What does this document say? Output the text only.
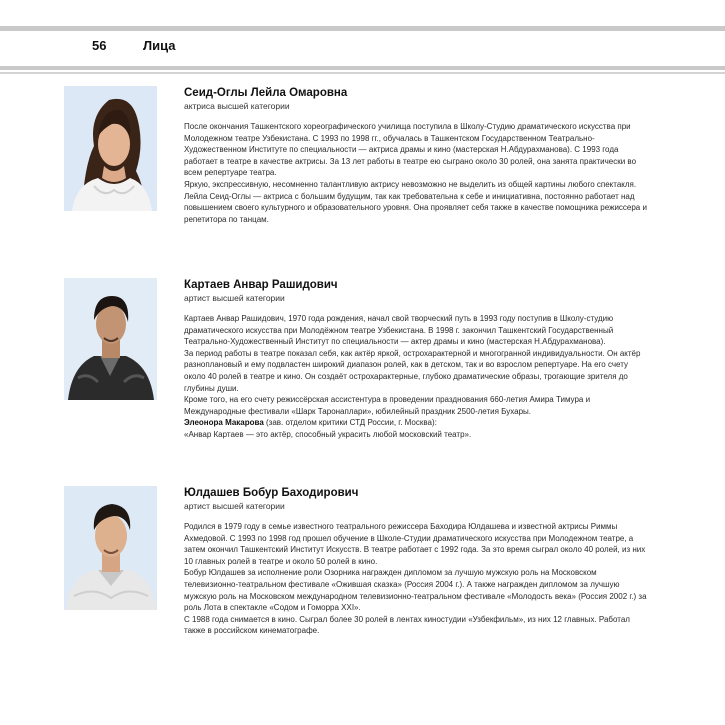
56	Лица

Сеид-Оглы Лейла Омаровна

актриса высшей категории

После окончания Ташкентского хореографического училища поступила в Школу-Студию драматического искусства при Молодежном театре Узбекистана. С 1993 по 1998 гг., обучалась в Ташкентском Государственном Театрально-Художественном Институте по специальности — актриса драмы и кино (мастерская Н.Абдурахманова). С 1993 года работает в театре в качестве актрисы. За 13 лет работы в театре ею сыграно около 30 ролей, она занята практически во всем репертуаре театра.

Яркую, экспрессивную, несомненно талантливую актрису невозможно не выделить из общей картины любого спектакля.

Лейла Сеид-Оглы — актриса с большим будущим, так как требовательна к себе и инициативна, постоянно работает над повышением своего культурного и образовательного уровня. Она проявляет себя также в качестве помощника режиссера и репетитора по танцам.

Картаев Анвар Рашидович

артист высшей категории

Картаев Анвар Рашидович, 1970 года рождения, начал свой творческий путь в 1993 году поступив в Школу-студию драматического искусства при Молодёжном театре Узбекистана. В 1998 г. закончил Ташкентский Государственный Театрально-Художественный Институт по специальности — актер драмы и кино (мастерская Н.Абдурахманова).

За период работы в театре показал себя, как актёр яркой, острохарактерной и многогранной индивидуальности. Он актёр разноплановый и ему подвластен широкий диапазон ролей, как в детском, так и во взрослом репертуаре. На его счету около 40 ролей в театре и кино. Он создаёт острохарактерные, глубоко драматические образы, трогающие зрителя до глубины души.

Кроме того, на его счету режиссёрская ассистентура в проведении празднования 660-летия Амира Тимура и Международные фестивали «Шарк Таронаплари», юбилейный праздник 2500-летия Бухары.

Элеонора Макарова (зав. отделом критики СТД России, г. Москва):

«Анвар Картаев — это актёр, способный украсить любой московский театр».

Юлдашев Бобур Баходирович

артист высшей категории

Родился в 1979 году в семье известного театрального режиссера Баходира Юлдашева и известной актрисы Риммы Ахмедовой. С 1993 по 1998 год прошел обучение в Школе-Студии драматического искусства при Молодежном театре, а затем окончил Ташкентский Институт Искусств. В театре работает с 1992 года. За это время сыграл около 40 ролей, из них 10 главных ролей в театре и около 50 ролей в кино.

Бобур Юлдашев за исполнение роли Озорника награжден дипломом за лучшую мужскую роль на Московском телевизионно-театральном фестивале «Ожившая сказка» (Россия 2004 г.). А также награжден дипломом за лучшую мужскую роль на Московском международном телевизионно-театральном фестивале «Молодость века» (Россия 2002 г.) за роль Лота в спектакле «Содом и Гоморра XXI».

С 1988 года снимается в кино. Сыграл более 30 ролей в лентах киностудии «Узбекфильм», из них 12 главных. Работал также в российском кинематографе.
